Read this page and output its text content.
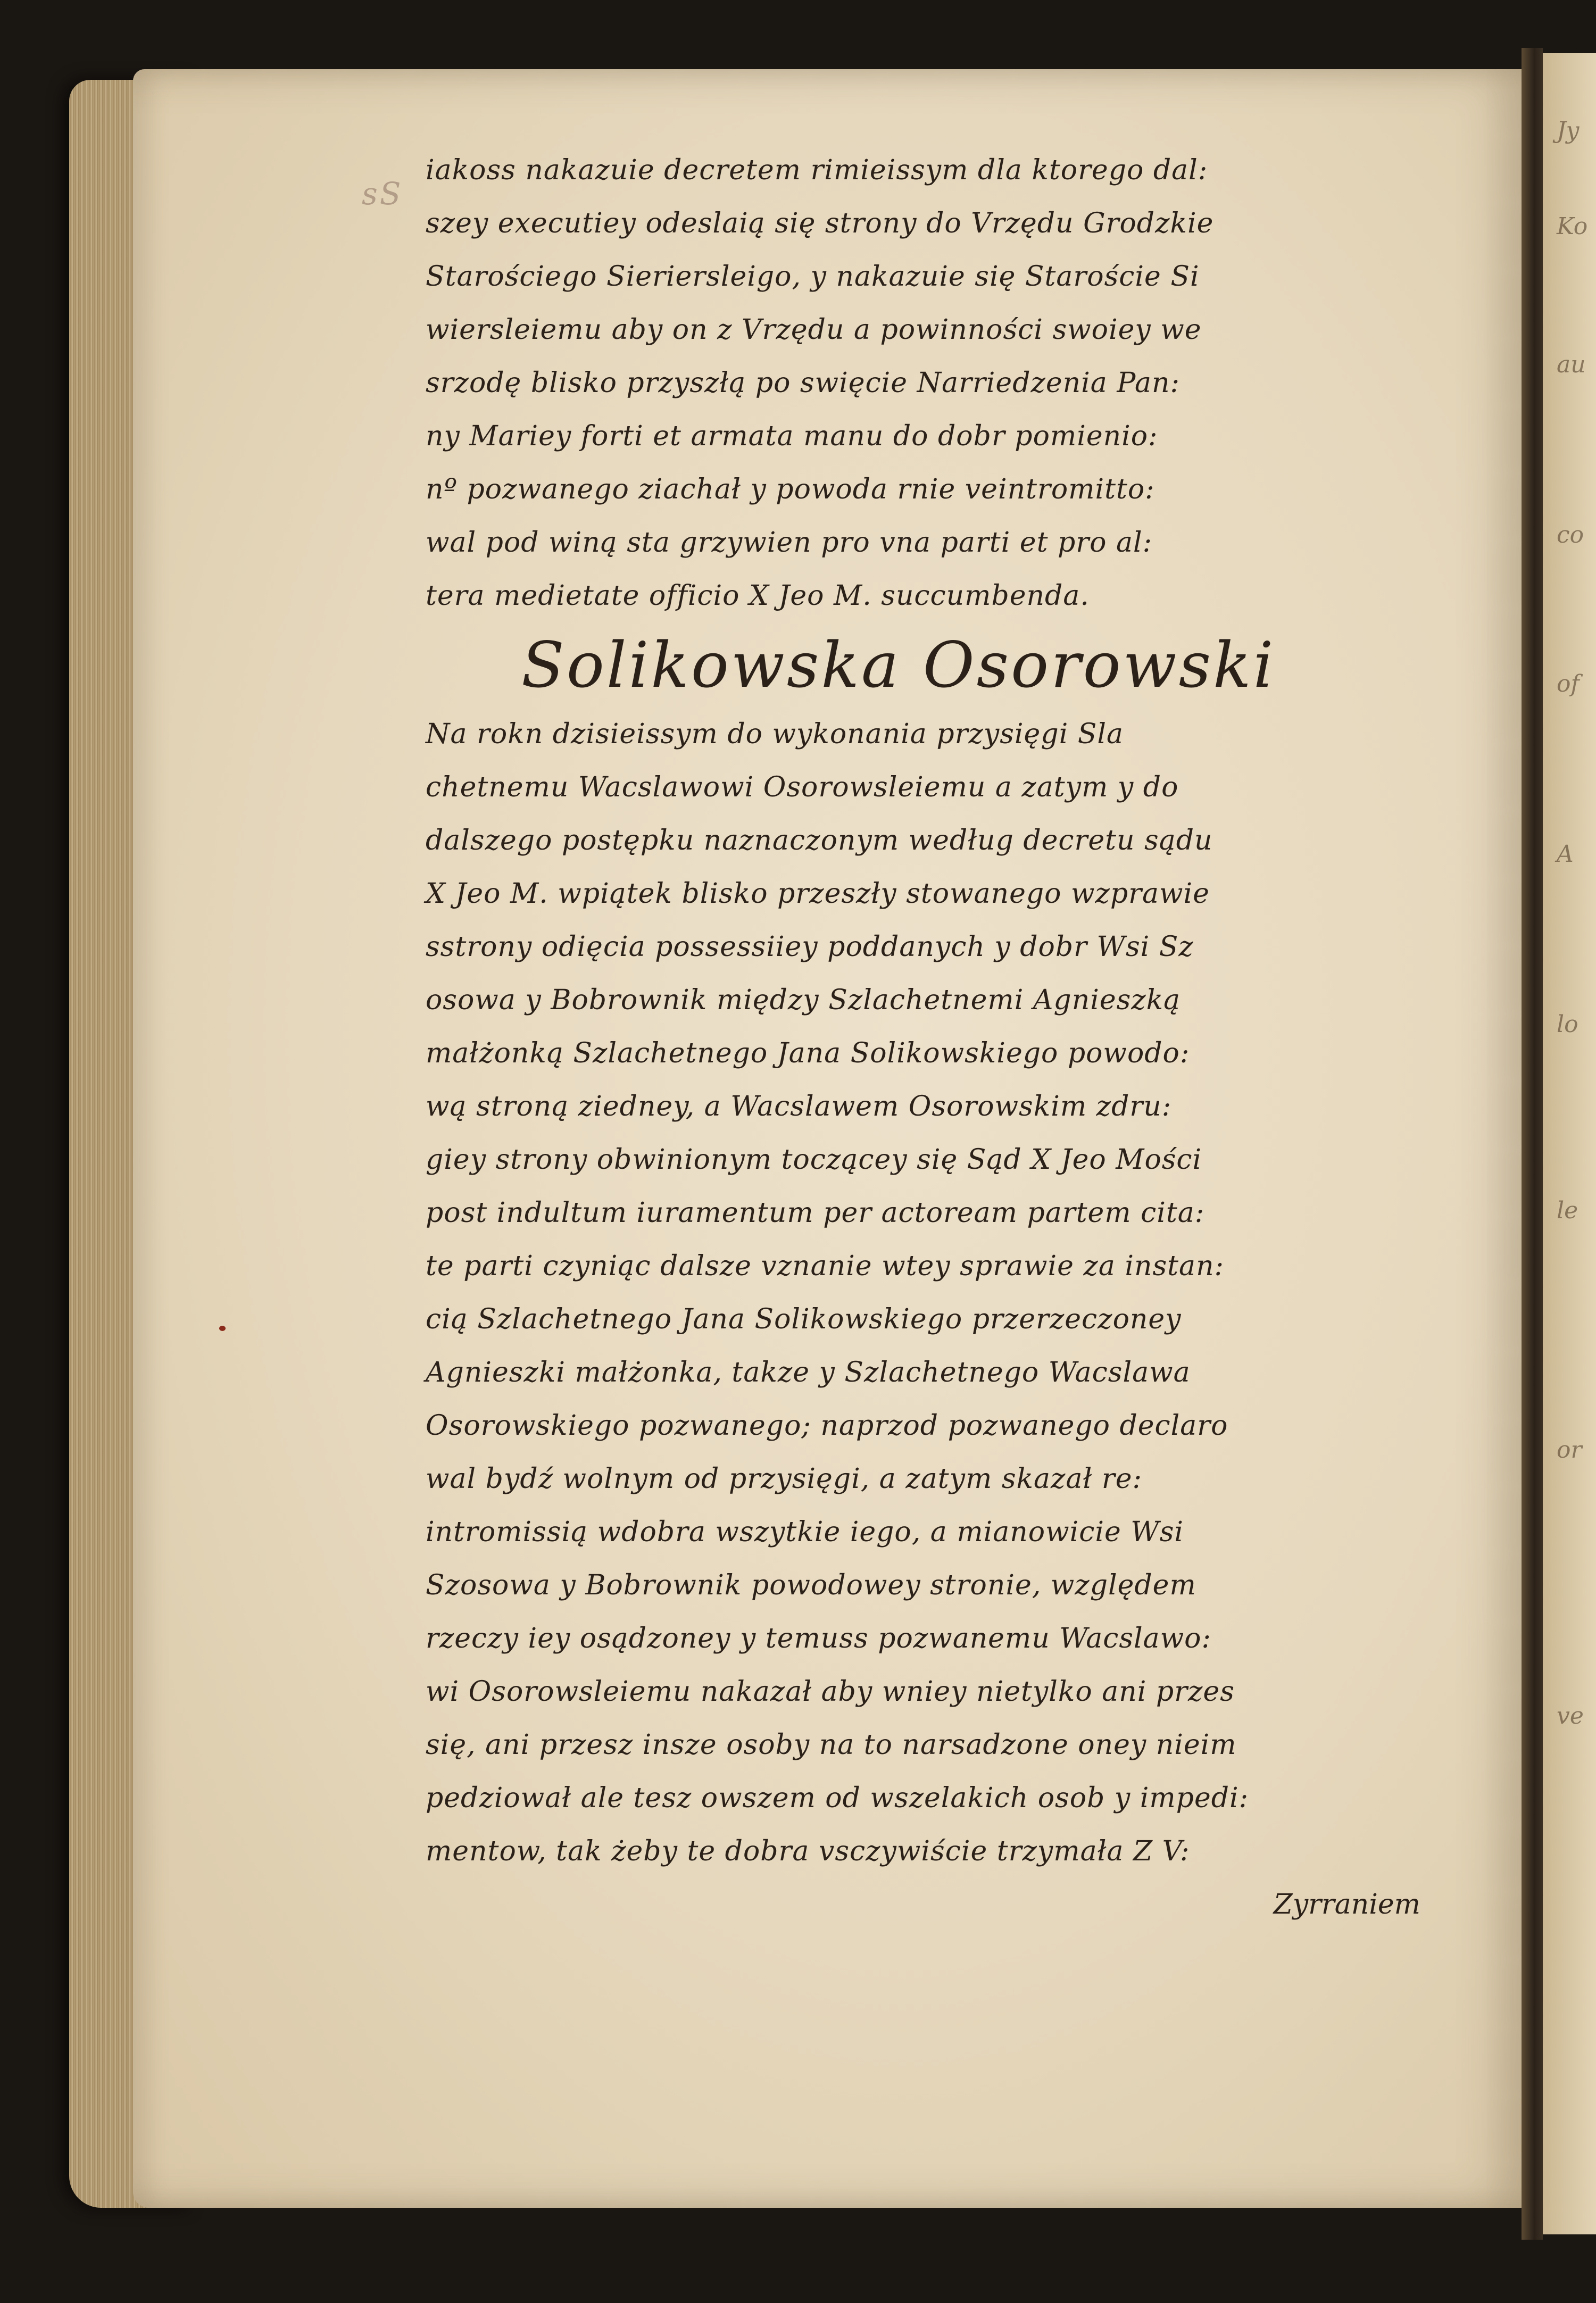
Jy
Ko
au
co
of
A
lo
le
or
ve
sS
iakoss nakazuie decretem rimieissym dla ktorego dal:
szey executiey odeslaią się strony do Vrzędu Grodzkie
Starościego Sieriersleigo, y nakazuie się Staroście Si
wiersleiemu aby on z Vrzędu a powinności swoiey we
srzodę blisko przyszłą po swięcie Narriedzenia Pan:
ny Mariey forti et armata manu do dobr pomienio:
nº pozwanego ziachał y powoda rnie veintromitto:
wal pod winą sta grzywien pro vna parti et pro al:
tera medietate officio X Jeo M. succumbenda.
Solikowska Osorowski
Na rokn dzisieissym do wykonania przysięgi Sla
chetnemu Wacslawowi Osorowsleiemu a zatym y do
dalszego postępku naznaczonym według decretu sądu
X Jeo M. wpiątek blisko przeszły stowanego wzprawie
sstrony odięcia possessiiey poddanych y dobr Wsi Sz
osowa y Bobrownik między Szlachetnemi Agnieszką
małżonką Szlachetnego Jana Solikowskiego powodo:
wą stroną ziedney, a Wacslawem Osorowskim zdru:
giey strony obwinionym toczącey się Sąd X Jeo Mości
post indultum iuramentum per actoream partem cita:
te parti czyniąc dalsze vznanie wtey sprawie za instan:
cią Szlachetnego Jana Solikowskiego przerzeczoney
Agnieszki małżonka, takze y Szlachetnego Wacslawa
Osorowskiego pozwanego; naprzod pozwanego declaro
wal bydź wolnym od przysięgi, a zatym skazał re:
intromissią wdobra wszytkie iego, a mianowicie Wsi
Szosowa y Bobrownik powodowey stronie, względem
rzeczy iey osądzoney y temuss pozwanemu Wacslawo:
wi Osorowsleiemu nakazał aby wniey nietylko ani przes
się, ani przesz insze osoby na to narsadzone oney nieim
pedziował ale tesz owszem od wszelakich osob y impedi:
mentow, tak żeby te dobra vsczywiście trzymała Z V:
Zyrraniem
